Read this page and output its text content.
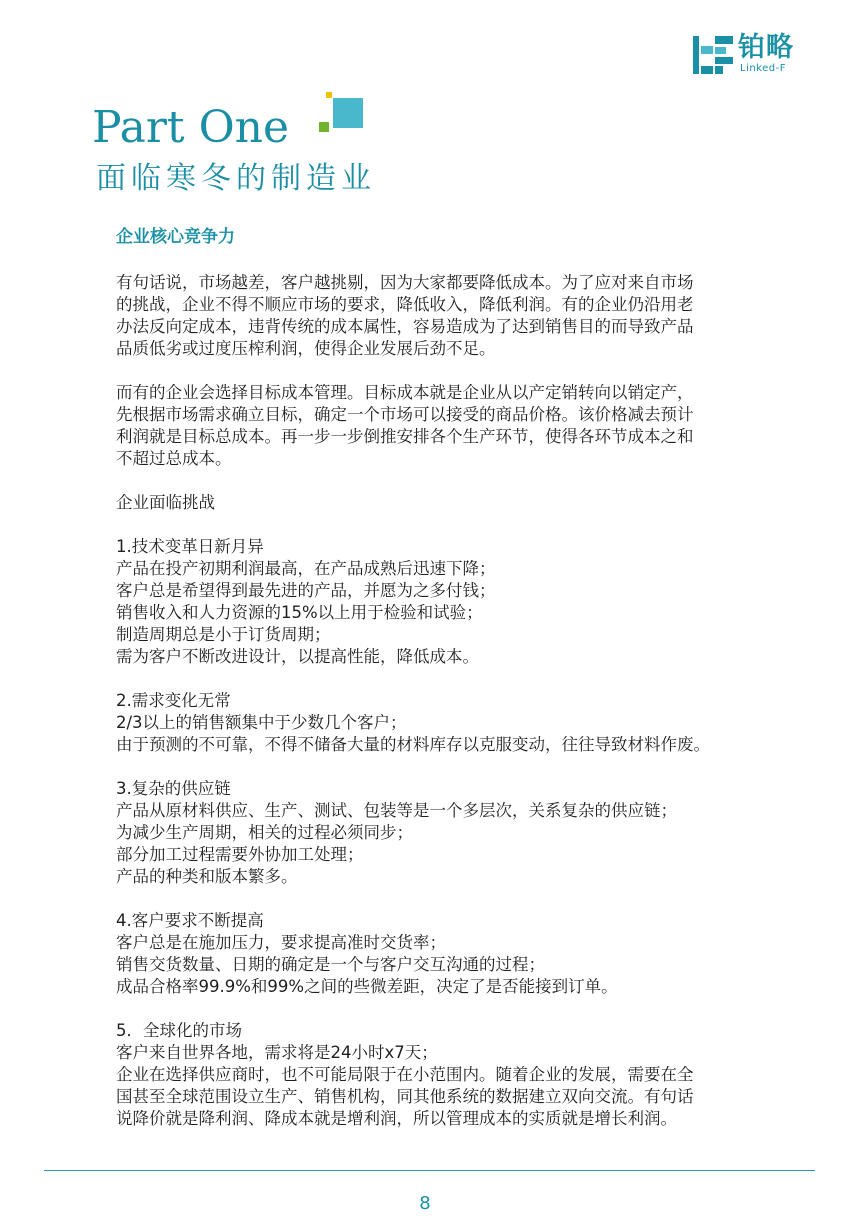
铂略
Linked-F
Part One
面临寒冬的制造业
企业核心竞争力
有句话说，市场越差，客户越挑剔，因为大家都要降低成本。为了应对来自市场
的挑战，企业不得不顺应市场的要求，降低收入，降低利润。有的企业仍沿用老
办法反向定成本，违背传统的成本属性，容易造成为了达到销售目的而导致产品
品质低劣或过度压榨利润，使得企业发展后劲不足。
而有的企业会选择目标成本管理。目标成本就是企业从以产定销转向以销定产，
先根据市场需求确立目标，确定一个市场可以接受的商品价格。该价格减去预计
利润就是目标总成本。再一步一步倒推安排各个生产环节，使得各环节成本之和
不超过总成本。
企业面临挑战
1.技术变革日新月异
产品在投产初期利润最高，在产品成熟后迅速下降；
客户总是希望得到最先进的产品，并愿为之多付钱；
销售收入和人力资源的15%以上用于检验和试验；
制造周期总是小于订货周期；
需为客户不断改进设计，以提高性能，降低成本。
2.需求变化无常
2/3以上的销售额集中于少数几个客户；
由于预测的不可靠，不得不储备大量的材料库存以克服变动，往往导致材料作废。
3.复杂的供应链
产品从原材料供应、生产、测试、包装等是一个多层次，关系复杂的供应链；
为减少生产周期，相关的过程必须同步；
部分加工过程需要外协加工处理；
产品的种类和版本繁多。
4.客户要求不断提高
客户总是在施加压力，要求提高准时交货率；
销售交货数量、日期的确定是一个与客户交互沟通的过程；
成品合格率99.9%和99%之间的些微差距，决定了是否能接到订单。
5．全球化的市场
客户来自世界各地，需求将是24小时x7天；
企业在选择供应商时，也不可能局限于在小范围内。随着企业的发展，需要在全
国甚至全球范围设立生产、销售机构，同其他系统的数据建立双向交流。有句话
说降价就是降利润、降成本就是增利润，所以管理成本的实质就是增长利润。
8
